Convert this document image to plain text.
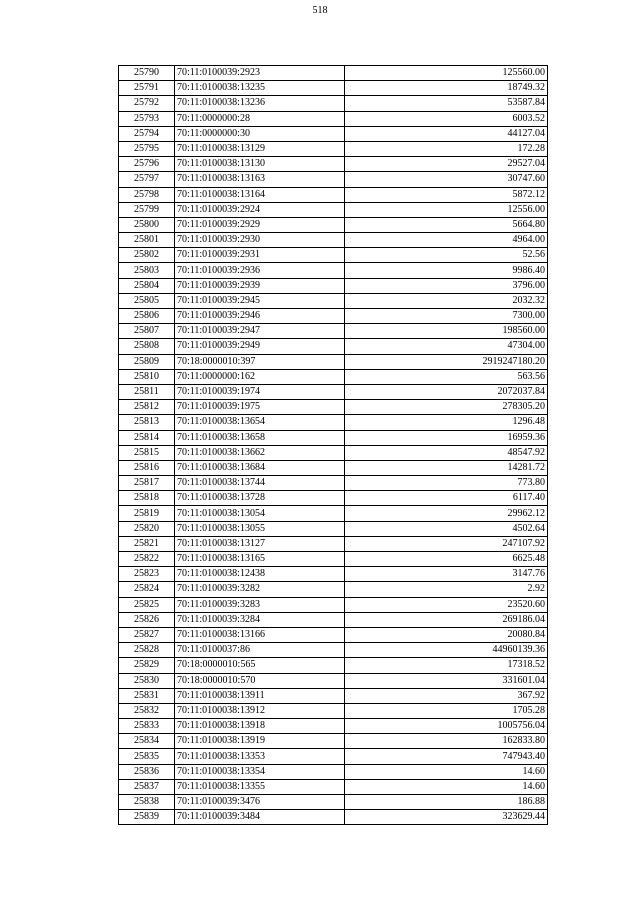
518
25790	70:11:0100039:2923	125560.00
25791	70:11:0100038:13235	18749.32
25792	70:11:0100038:13236	53587.84
25793	70:11:0000000:28	6003.52
25794	70:11:0000000:30	44127.04
25795	70:11:0100038:13129	172.28
25796	70:11:0100038:13130	29527.04
25797	70:11:0100038:13163	30747.60
25798	70:11:0100038:13164	5872.12
25799	70:11:0100039:2924	12556.00
25800	70:11:0100039:2929	5664.80
25801	70:11:0100039:2930	4964.00
25802	70:11:0100039:2931	52.56
25803	70:11:0100039:2936	9986.40
25804	70:11:0100039:2939	3796.00
25805	70:11:0100039:2945	2032.32
25806	70:11:0100039:2946	7300.00
25807	70:11:0100039:2947	198560.00
25808	70:11:0100039:2949	47304.00
25809	70:18:0000010:397	2919247180.20
25810	70:11:0000000:162	563.56
25811	70:11:0100039:1974	2072037.84
25812	70:11:0100039:1975	278305.20
25813	70:11:0100038:13654	1296.48
25814	70:11:0100038:13658	16959.36
25815	70:11:0100038:13662	48547.92
25816	70:11:0100038:13684	14281.72
25817	70:11:0100038:13744	773.80
25818	70:11:0100038:13728	6117.40
25819	70:11:0100038:13054	29962.12
25820	70:11:0100038:13055	4502.64
25821	70:11:0100038:13127	247107.92
25822	70:11:0100038:13165	6625.48
25823	70:11:0100038:12438	3147.76
25824	70:11:0100039:3282	2.92
25825	70:11:0100039:3283	23520.60
25826	70:11:0100039:3284	269186.04
25827	70:11:0100038:13166	20080.84
25828	70:11:0100037:86	44960139.36
25829	70:18:0000010:565	17318.52
25830	70:18:0000010:570	331601.04
25831	70:11:0100038:13911	367.92
25832	70:11:0100038:13912	1705.28
25833	70:11:0100038:13918	1005756.04
25834	70:11:0100038:13919	162833.80
25835	70:11:0100038:13353	747943.40
25836	70:11:0100038:13354	14.60
25837	70:11:0100038:13355	14.60
25838	70:11:0100039:3476	186.88
25839	70:11:0100039:3484	323629.44
